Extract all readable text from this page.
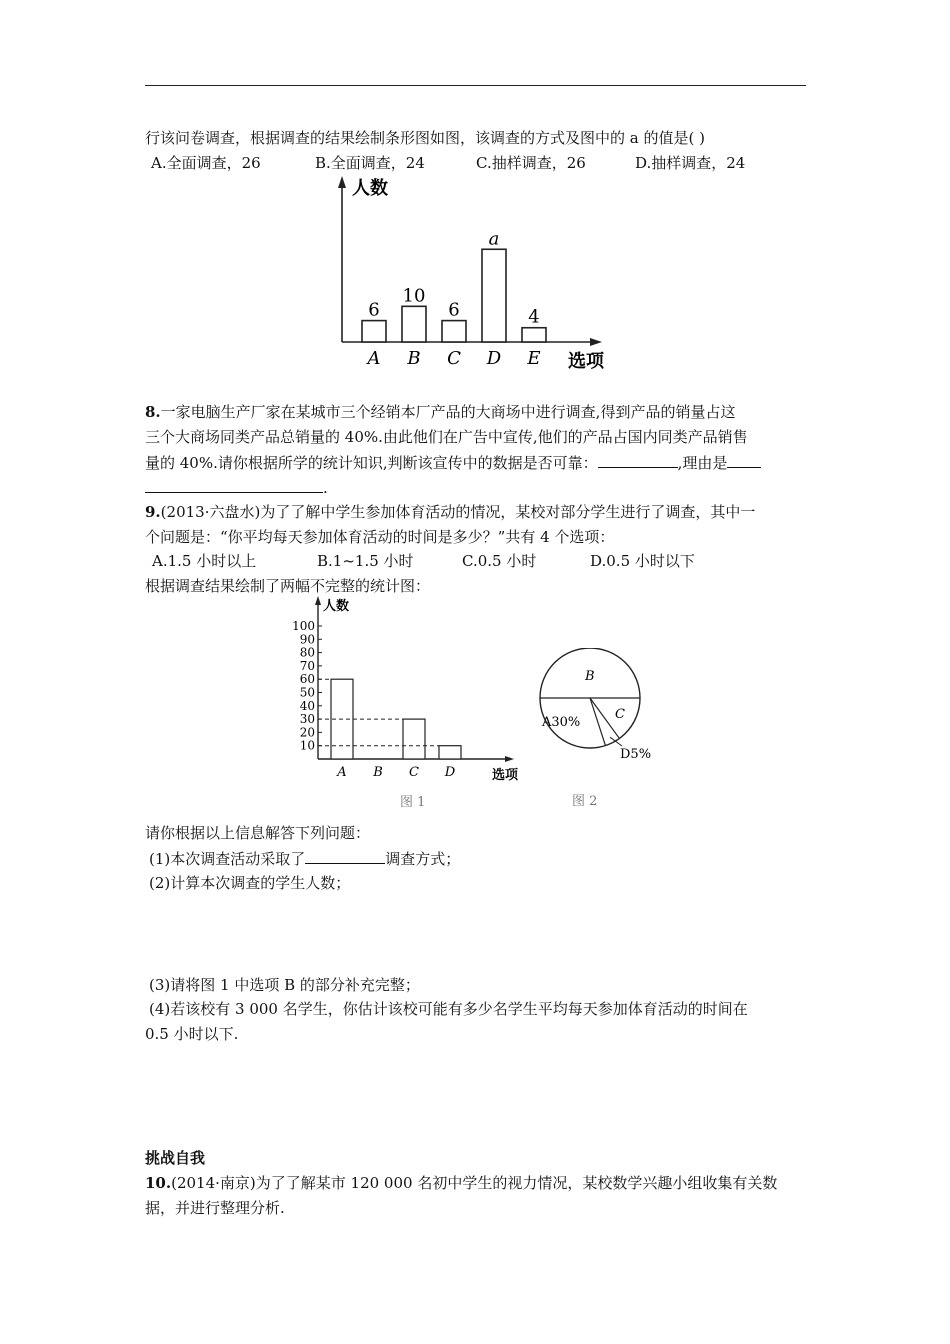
行该问卷调查，根据调查的结果绘制条形图如图，该调查的方式及图中的 a 的值是( )
A.全面调查，26	B.全面调查，24	C.抽样调查，26	D.抽样调查，24
人数
选项
6
A
10
B
6
C
a
D
4
E
8.一家电脑生产厂家在某城市三个经销本厂产品的大商场中进行调查,得到产品的销量占这
三个大商场同类产品总销量的 40%.由此他们在广告中宣传,他们的产品占国内同类产品销售
量的 40%.请你根据所学的统计知识,判断该宣传中的数据是否可靠：	,理由是
.
9.(2013·六盘水)为了了解中学生参加体育活动的情况，某校对部分学生进行了调查，其中一
个问题是：“你平均每天参加体育活动的时间是多少？”共有 4 个选项：
A.1.5 小时以上	B.1~1.5 小时	C.0.5 小时	D.0.5 小时以下
根据调查结果绘制了两幅不完整的统计图：
人数
选项
10
20
30
40
50
60
70
80
90
100
A B C D
图 1
B
A30%
C
D5%
图 2
请你根据以上信息解答下列问题：
(1)本次调查活动采取了	调查方式；
(2)计算本次调查的学生人数；
(3)请将图 1 中选项 B 的部分补充完整；
(4)若该校有 3 000 名学生，你估计该校可能有多少名学生平均每天参加体育活动的时间在
0.5 小时以下.
挑战自我
10.(2014·南京)为了了解某市 120 000 名初中学生的视力情况，某校数学兴趣小组收集有关数
据，并进行整理分析.
